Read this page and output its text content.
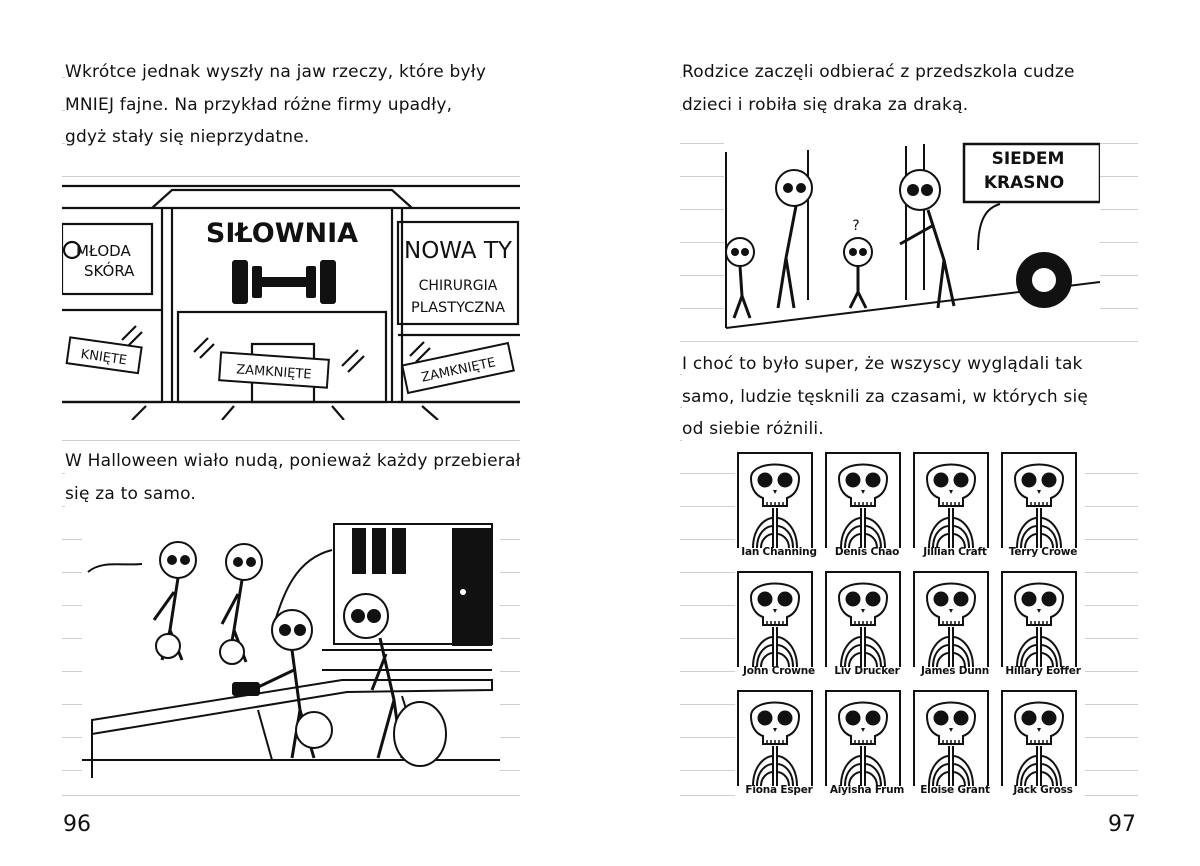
Wkrótce jednak wyszły na jaw rzeczy, które były
MNIEJ fajne. Na przykład różne firmy upadły,
gdyż stały się nieprzydatne.
MŁODA
SKÓRA
SIŁOWNIA
NOWA TY
CHIRURGIA
PLASTYCZNA
KNIĘTE
ZAMKNIĘTE	ZAMKNIĘTE
W Halloween wiało nudą, ponieważ każdy przebierał
się za to samo.
96
Rodzice zaczęli odbierać z przedszkola cudze
dzieci i robiła się draka za draką.
SIEDEM
KRASNO
?
I choć to było super, że wszyscy wyglądali tak
samo, ludzie tęsknili za czasami, w których się
od siebie różnili.
Ian Channing	Denis Chao	Jillian Craft	Terry Crowe
John Crowne	Liv Drucker	James Dunn	Hillary Eoffer
Fiona Esper	Aiyisha Frum	Eloise Grant	Jack Gross
97
